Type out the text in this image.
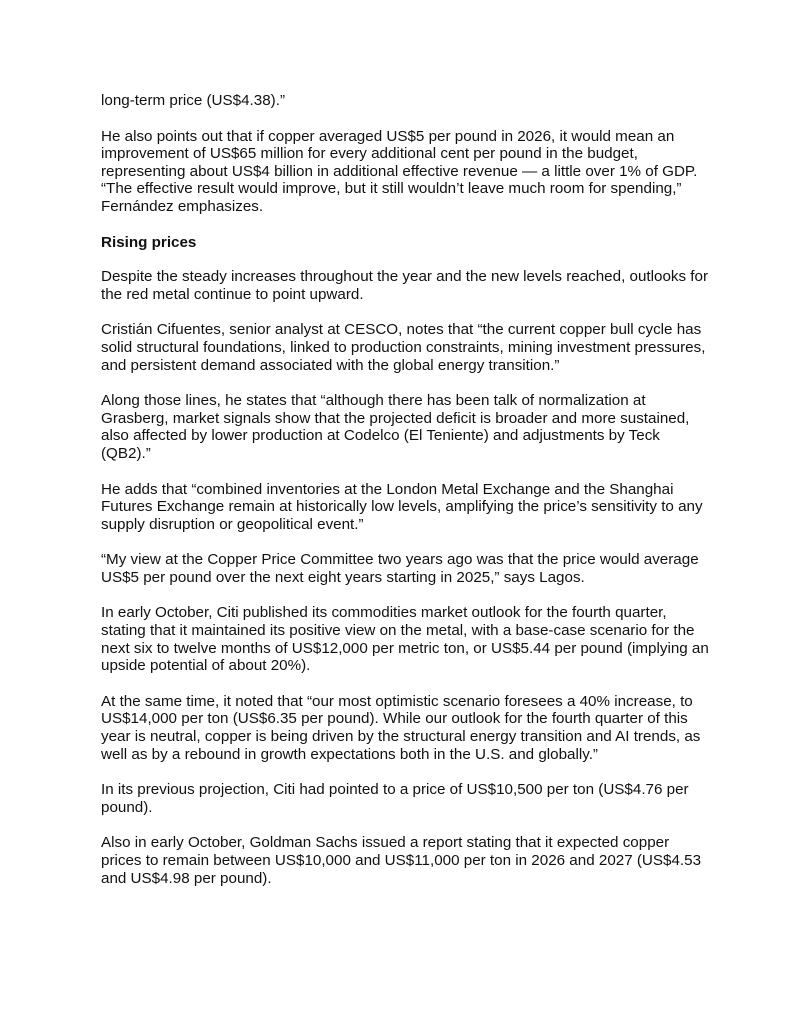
long-term price (US$4.38).”

He also points out that if copper averaged US$5 per pound in 2026, it would mean an improvement of US$65 million for every additional cent per pound in the budget, representing about US$4 billion in additional effective revenue — a little over 1% of GDP.

“The effective result would improve, but it still wouldn’t leave much room for spending,” Fernández emphasizes.

Rising prices

Despite the steady increases throughout the year and the new levels reached, outlooks for the red metal continue to point upward.

Cristián Cifuentes, senior analyst at CESCO, notes that “the current copper bull cycle has solid structural foundations, linked to production constraints, mining investment pressures, and persistent demand associated with the global energy transition.”

Along those lines, he states that “although there has been talk of normalization at Grasberg, market signals show that the projected deficit is broader and more sustained, also affected by lower production at Codelco (El Teniente) and adjustments by Teck (QB2).”

He adds that “combined inventories at the London Metal Exchange and the Shanghai Futures Exchange remain at historically low levels, amplifying the price’s sensitivity to any supply disruption or geopolitical event.”

“My view at the Copper Price Committee two years ago was that the price would average US$5 per pound over the next eight years starting in 2025,” says Lagos.

In early October, Citi published its commodities market outlook for the fourth quarter, stating that it maintained its positive view on the metal, with a base-case scenario for the next six to twelve months of US$12,000 per metric ton, or US$5.44 per pound (implying an upside potential of about 20%).

At the same time, it noted that “our most optimistic scenario foresees a 40% increase, to US$14,000 per ton (US$6.35 per pound). While our outlook for the fourth quarter of this year is neutral, copper is being driven by the structural energy transition and AI trends, as well as by a rebound in growth expectations both in the U.S. and globally.”

In its previous projection, Citi had pointed to a price of US$10,500 per ton (US$4.76 per pound).

Also in early October, Goldman Sachs issued a report stating that it expected copper prices to remain between US$10,000 and US$11,000 per ton in 2026 and 2027 (US$4.53 and US$4.98 per pound).
